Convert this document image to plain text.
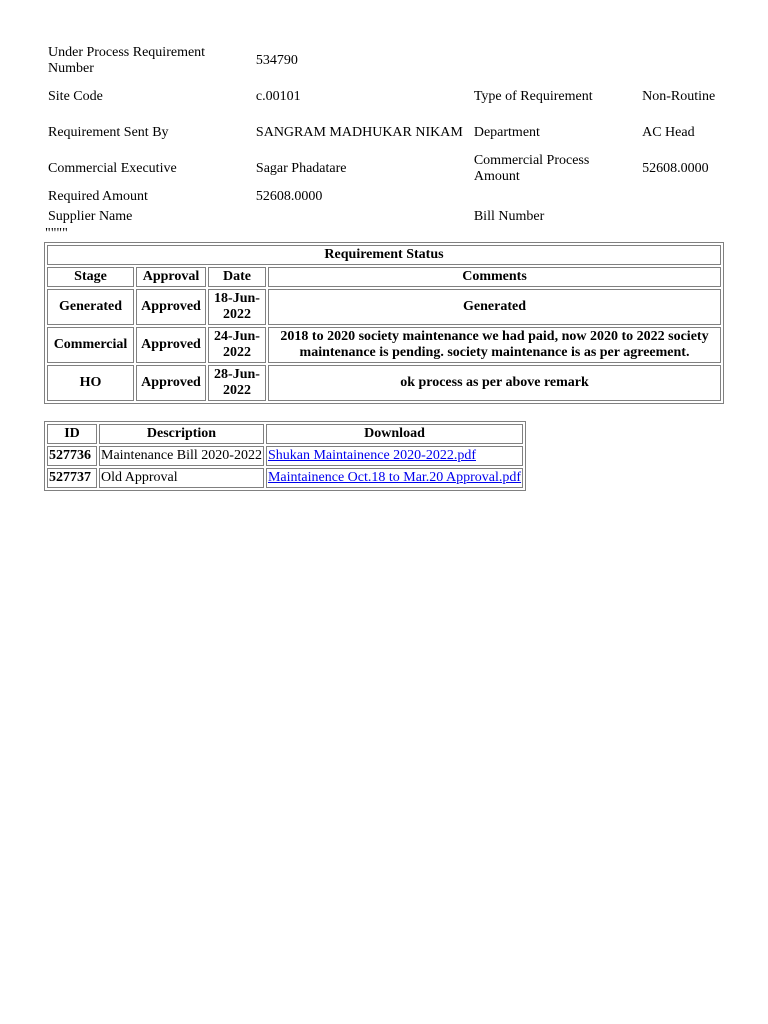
Under Process Requirement Number	534790		
Site Code	c.00101	Type of Requirement	Non-Routine
Requirement Sent By	SANGRAM MADHUKAR NIKAM	Department	AC Head
Commercial Executive	Sagar Phadatare	Commercial Process Amount	52608.0000
Required Amount	52608.0000		
Supplier Name		Bill Number	
""""
Requirement Status			
Stage	Approval	Date	Comments
Generated	Approved	18-Jun-2022	Generated
Commercial	Approved	24-Jun-2022	2018 to 2020 society maintenance we had paid, now 2020 to 2022 society maintenance is pending. society maintenance is as per agreement.
HO	Approved	28-Jun-2022	ok process as per above remark
ID	Description	Download
527736	Maintenance Bill 2020-2022	Shukan Maintainence 2020-2022.pdf
527737	Old Approval	Maintainence Oct.18 to Mar.20 Approval.pdf
